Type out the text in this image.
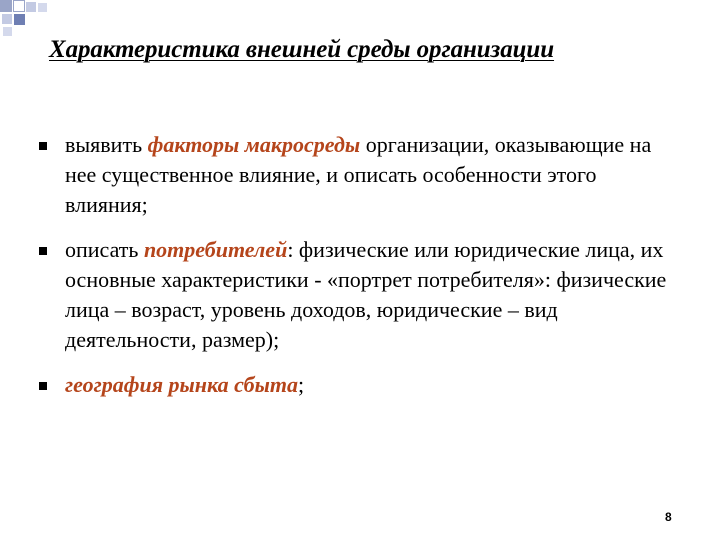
Характеристика внешней среды организации
выявить факторы макросреды организации, оказывающие на нее существенное влияние, и описать особенности этого влияния;
описать потребителей: физические или юридические лица, их основные характеристики - «портрет потребителя»: физические лица – возраст, уровень доходов, юридические – вид деятельности, размер);
география рынка сбыта;
8
